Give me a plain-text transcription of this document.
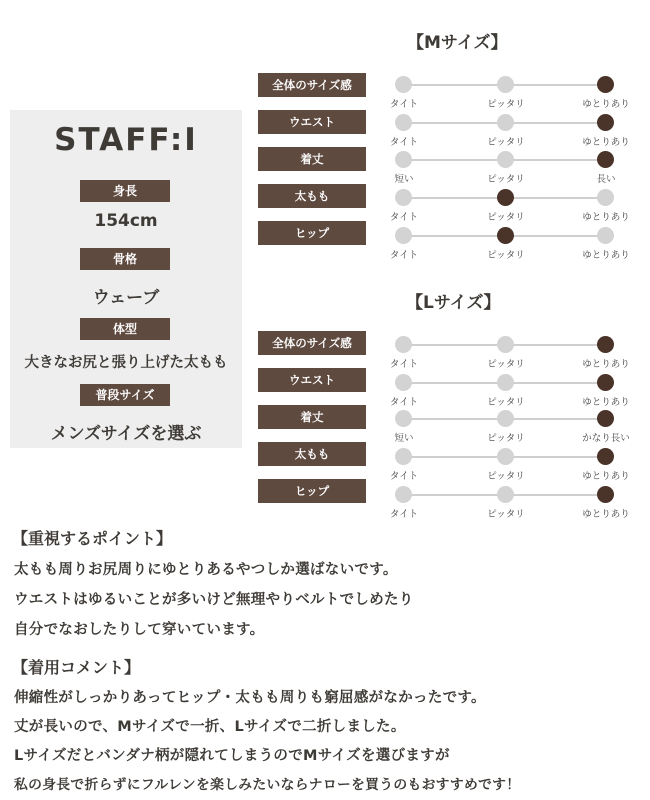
STAFF:I
身長
154cm
骨格
ウェーブ
体型
大きなお尻と張り上げた太もも
普段サイズ
メンズサイズを選ぶ
【Mサイズ】
全体のサイズ感
タイト	ピッタリ	ゆとりあり
ウエスト
タイト	ピッタリ	ゆとりあり
着丈
短い	ピッタリ	長い
太もも
タイト	ピッタリ	ゆとりあり
ヒップ
タイト	ピッタリ	ゆとりあり
【Lサイズ】
全体のサイズ感
タイト	ピッタリ	ゆとりあり
ウエスト
タイト	ピッタリ	ゆとりあり
着丈
短い	ピッタリ	かなり長い
太もも
タイト	ピッタリ	ゆとりあり
ヒップ
タイト	ピッタリ	ゆとりあり
【重視するポイント】
太もも周りお尻周りにゆとりあるやつしか選ばないです。
ウエストはゆるいことが多いけど無理やりベルトでしめたり
自分でなおしたりして穿いています。
【着用コメント】
伸縮性がしっかりあってヒップ・太もも周りも窮屈感がなかったです。
丈が長いので、Mサイズで一折、Lサイズで二折しました。
Lサイズだとバンダナ柄が隠れてしまうのでMサイズを選びますが
私の身長で折らずにフルレンを楽しみたいならナローを買うのもおすすめです！
